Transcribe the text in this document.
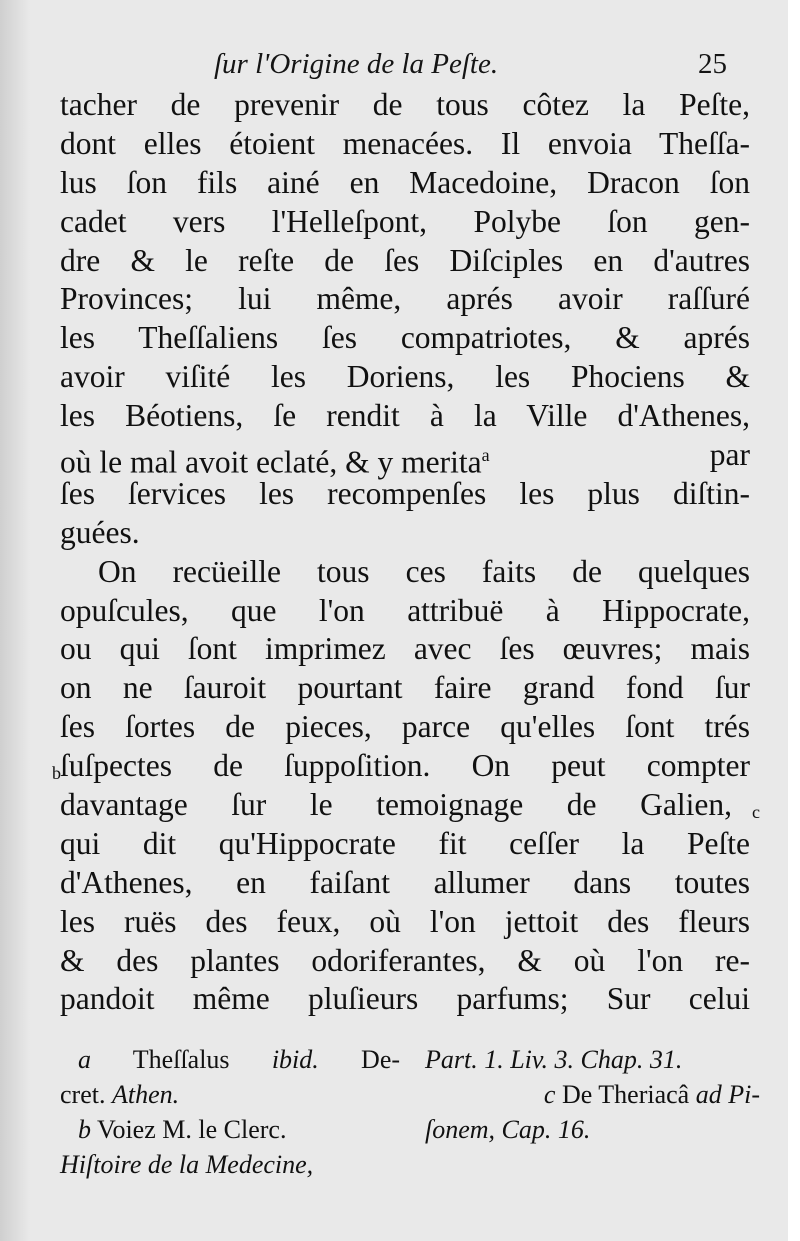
ſur l'Origine de la Peſte.	25
tacher de prevenir de tous côtez la Peſte,
dont elles étoient menacées. Il envoia Theſſa-
lus ſon fils ainé en Macedoine, Dracon ſon
cadet vers l'Helleſpont, Polybe ſon gen-
dre & le reſte de ſes Diſciples en d'autres
Provinces; lui même, aprés avoir raſſuré
les Theſſaliens ſes compatriotes, & aprés
avoir viſité les Doriens, les Phociens &
les Béotiens, ſe rendit à la Ville d'Athenes,
où le mal avoit eclaté, & y merita$^a$	par
ſes ſervices les recompenſes les plus diſtin-
guées.
On recüeille tous ces faits de quelques
opuſcules, que l'on attribuë à Hippocrate,
ou qui ſont imprimez avec ſes œuvres; mais
on ne ſauroit pourtant faire grand fond ſur
ſes ſortes de pieces, parce qu'elles ſont trés
ſuſpectes de ſuppoſition. On peut compter
davantage ſur le temoignage de Galien,
qui dit qu'Hippocrate fit ceſſer la Peſte
d'Athenes, en faiſant allumer dans toutes
les ruës des feux, où l'on jettoit des fleurs
& des plantes odoriferantes, & où l'on re-
pandoit même pluſieurs parfums; Sur celui
b
c
a Theſſalus ibid. De-
cret. Athen.
b Voiez M. le Clerc.
Hiſtoire de la Medecine,
Part. 1. Liv. 3. Chap. 31.
c De Theriacâ ad Pi-
ſonem, Cap. 16.
